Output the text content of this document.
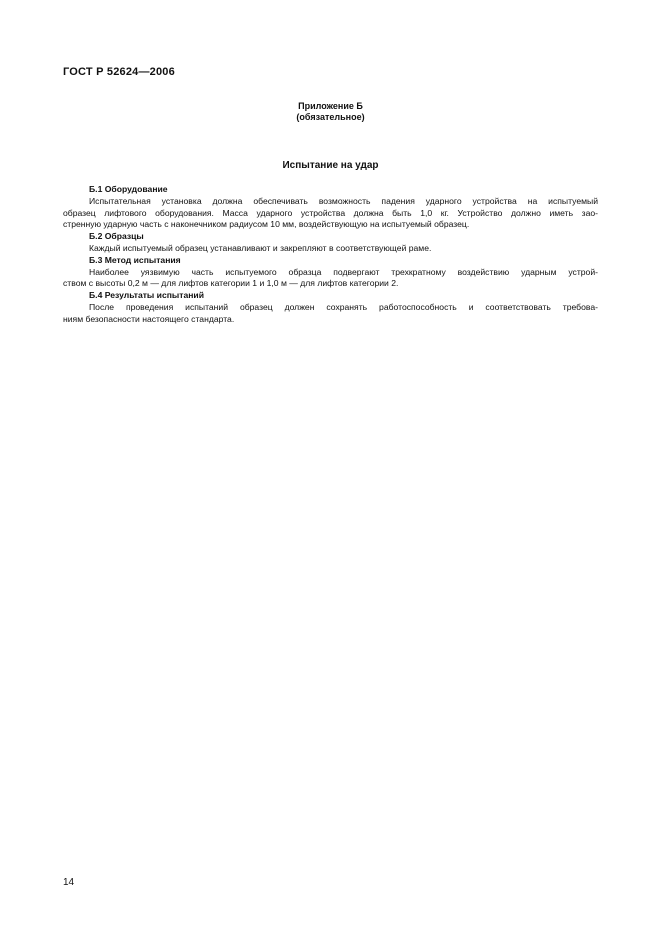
ГОСТ Р 52624—2006
Приложение Б
(обязательное)
Испытание на удар
Б.1 Оборудование
Испытательная установка должна обеспечивать возможность падения ударного устройства на испытуемый
образец лифтового оборудования. Масса ударного устройства должна быть 1,0 кг. Устройство должно иметь зао-
стренную ударную часть с наконечником радиусом 10 мм, воздействующую на испытуемый образец.
Б.2 Образцы
Каждый испытуемый образец устанавливают и закрепляют в соответствующей раме.
Б.3 Метод испытания
Наиболее уязвимую часть испытуемого образца подвергают трехкратному воздействию ударным устрой-
ством с высоты 0,2 м — для лифтов категории 1 и 1,0 м — для лифтов категории 2.
Б.4 Результаты испытаний
После проведения испытаний образец должен сохранять работоспособность и соответствовать требова-
ниям безопасности настоящего стандарта.
14
